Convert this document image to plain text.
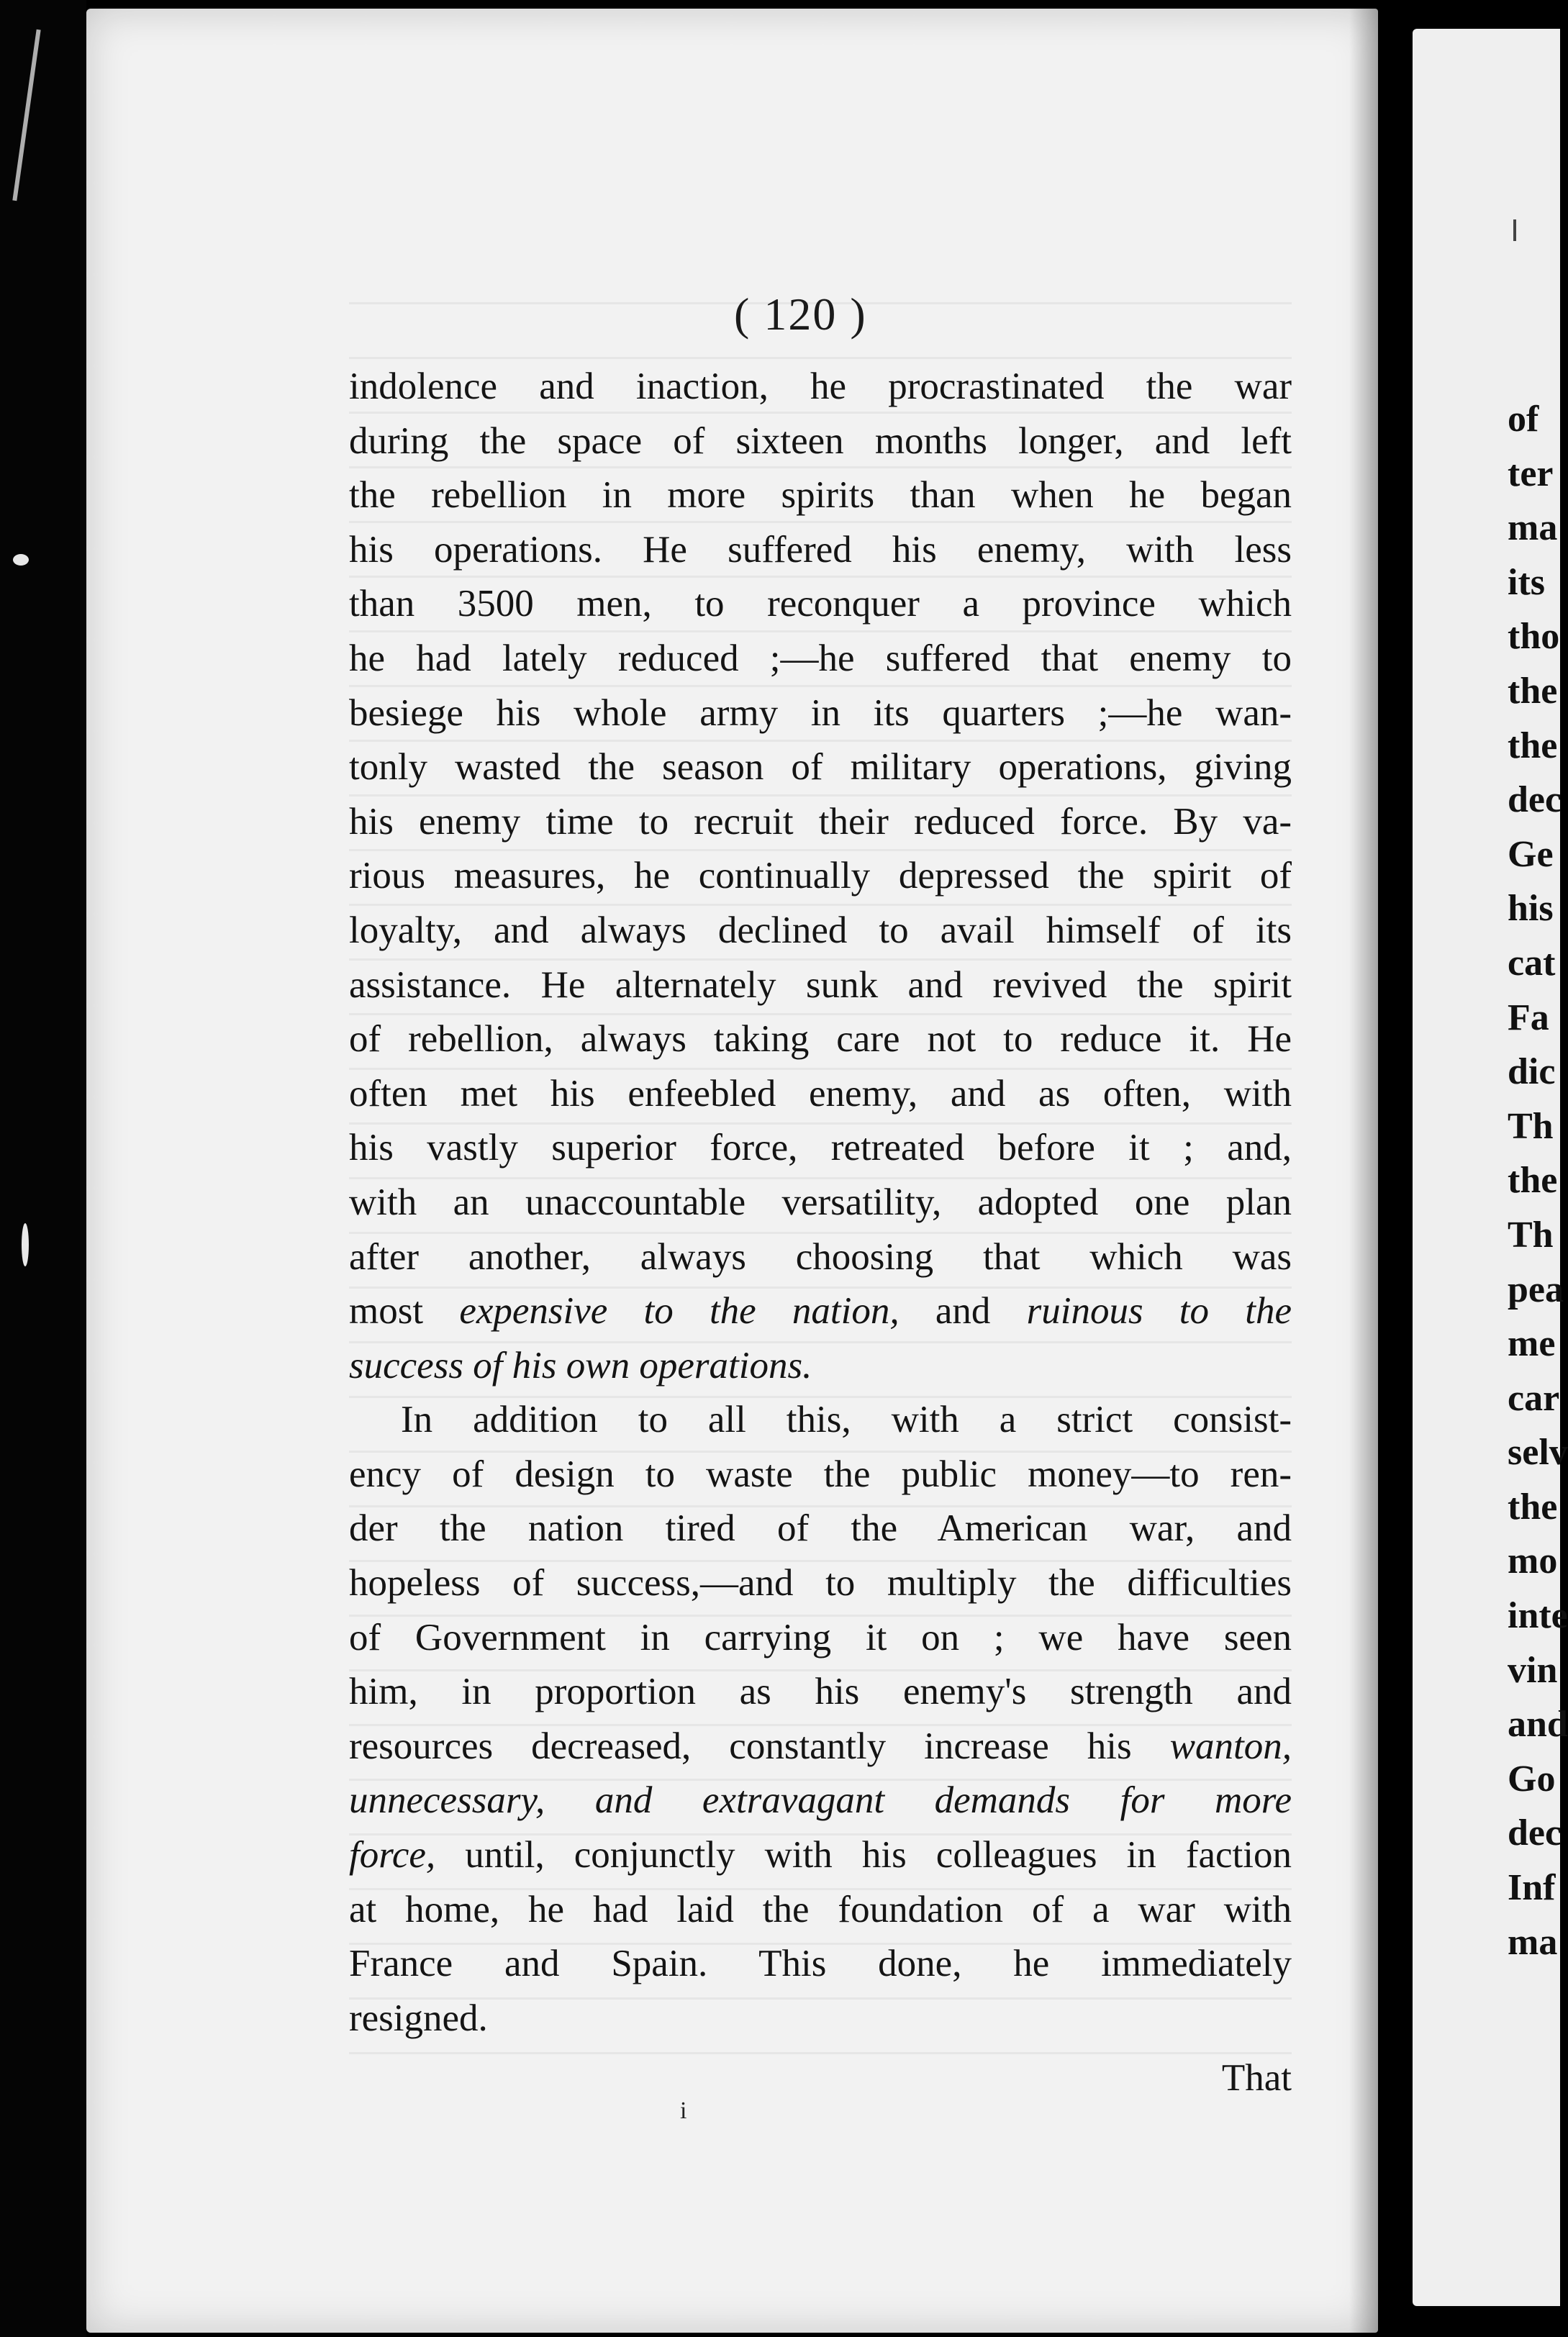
( 120 )
indolence and inaction, he procrastinated the war
during the space of sixteen months longer, and left
the rebellion in more spirits than when he began
his operations. He suffered his enemy, with less
than 3500 men, to reconquer a province which
he had lately reduced ;—he suffered that enemy to
besiege his whole army in its quarters ;—he wan-
tonly wasted the season of military operations, giving
his enemy time to recruit their reduced force. By va-
rious measures, he continually depressed the spirit of
loyalty, and always declined to avail himself of its
assistance. He alternately sunk and revived the spirit
of rebellion, always taking care not to reduce it. He
often met his enfeebled enemy, and as often, with
his vastly superior force, retreated before it ; and,
with an unaccountable versatility, adopted one plan
after another, always choosing that which was
most expensive to the nation, and ruinous to the
success of his own operations.
In addition to all this, with a strict consist-
ency of design to waste the public money—to ren-
der the nation tired of the American war, and
hopeless of success,—and to multiply the difficulties
of Government in carrying it on ; we have seen
him, in proportion as his enemy's strength and
resources decreased, constantly increase his wanton,
unnecessary, and extravagant demands for more
force, until, conjunctly with his colleagues in faction
at home, he had laid the foundation of a war with
France and Spain. This done, he immediately
resigned.
That
i
of
ter
ma
its
tho
the
the
dec
Ge
his
cat
Fa
dic
Th
the
Th
pea
me
car
selv
the
mo
inte
vin
and
Go
dec
Inf
ma
